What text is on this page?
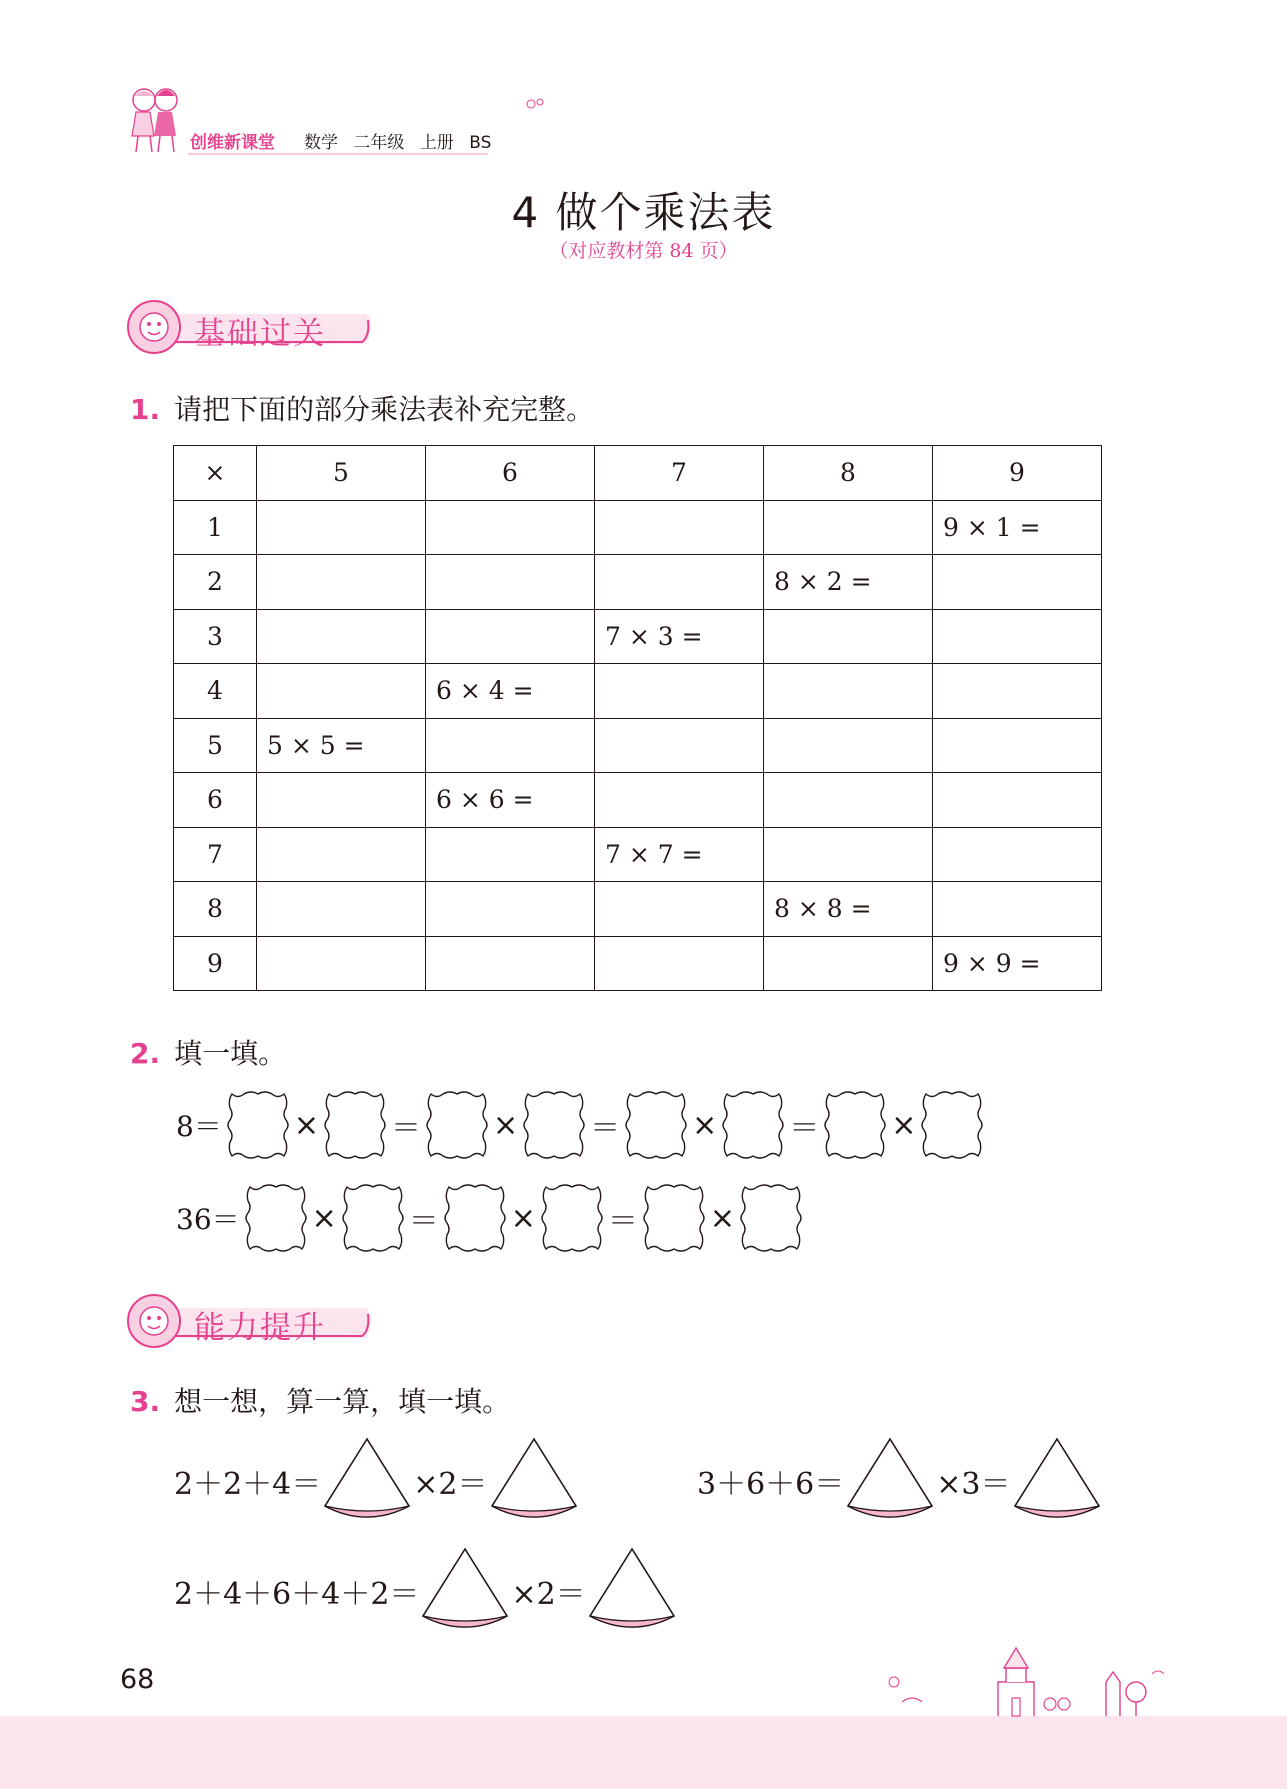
创维新课堂 数学 二年级 上册 BS
4 做个乘法表
（对应教材第 84 页）
基础过关
1. 请把下面的部分乘法表补充完整。
×	5	6	7	8	9
1					9 × 1 =
2				8 × 2 =	
3			7 × 3 =		
4		6 × 4 =			
5	5 × 5 =				
6		6 × 6 =			
7			7 × 7 =		
8				8 × 8 =	
9					9 × 9 =
2. 填一填。
8＝ × ＝ × ＝ × ＝ ×
36＝ × ＝ × ＝ ×
能力提升
3. 想一想，算一算，填一填。
2＋2＋4＝	×2＝	3＋6＋6＝	×3＝
2＋4＋6＋4＋2＝	×2＝
68
